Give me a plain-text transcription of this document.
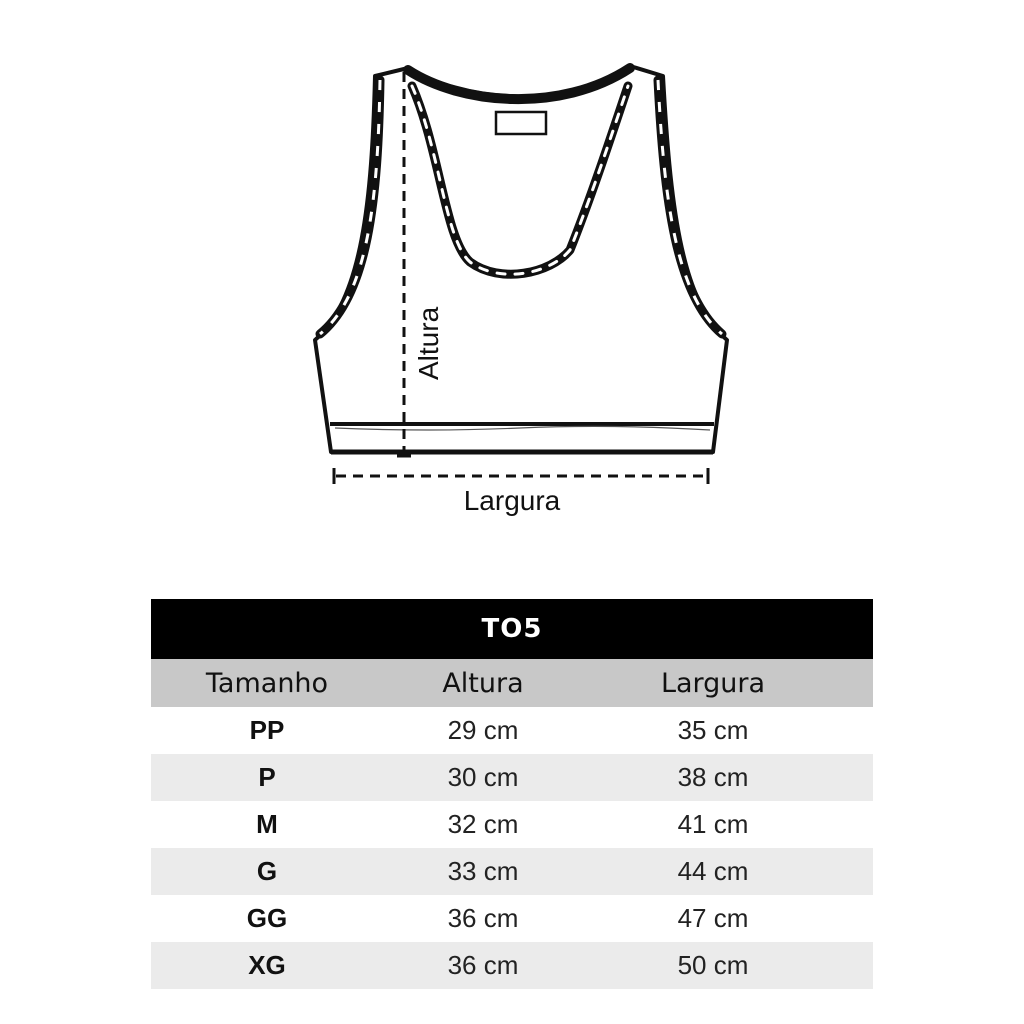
Altura
Largura
TO5
Tamanho	Altura	Largura
PP	29 cm	35 cm
P	30 cm	38 cm
M	32 cm	41 cm
G	33 cm	44 cm
GG	36 cm	47 cm
XG	36 cm	50 cm
